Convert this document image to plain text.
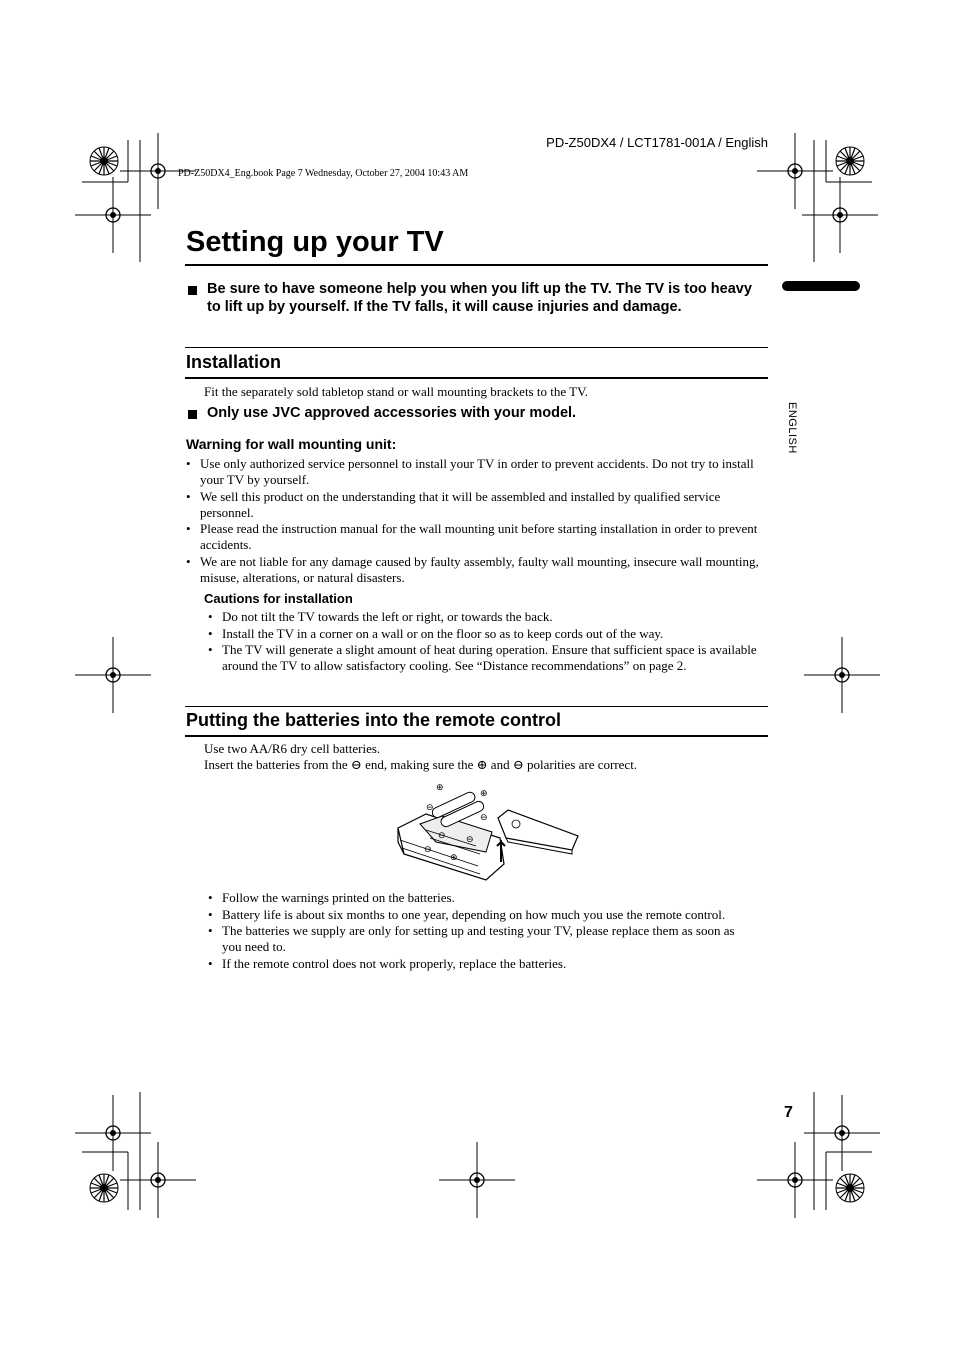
PD-Z50DX4 / LCT1781-001A / English
PD-Z50DX4_Eng.book Page 7 Wednesday, October 27, 2004 10:43 AM
Setting up your TV
ENGLISH
Be sure to have someone help you when you lift up the TV. The TV is too heavy to lift up by yourself. If the TV falls, it will cause injuries and damage.
Installation
Fit the separately sold tabletop stand or wall mounting brackets to the TV.
Only use JVC approved accessories with your model.
Warning for wall mounting unit:
• Use only authorized service personnel to install your TV in order to prevent accidents. Do not try to install your TV by yourself.
• We sell this product on the understanding that it will be assembled and installed by qualified service personnel.
• Please read the instruction manual for the wall mounting unit before starting installation in order to prevent accidents.
• We are not liable for any damage caused by faulty assembly, faulty wall mounting, insecure wall mounting, misuse, alterations, or natural disasters.
Cautions for installation
• Do not tilt the TV towards the left or right, or towards the back.
• Install the TV in a corner on a wall or on the floor so as to keep cords out of the way.
• The TV will generate a slight amount of heat during operation. Ensure that sufficient space is available around the TV to allow satisfactory cooling. See “Distance recommendations” on page 2.
Putting the batteries into the remote control
Use two AA/R6 dry cell batteries.
Insert the batteries from the ⊖ end, making sure the ⊕ and ⊖ polarities are correct.
⊕
⊕
⊖
⊖
⊖ ⊖
⊖
⊕
• Follow the warnings printed on the batteries.
• Battery life is about six months to one year, depending on how much you use the remote control.
• The batteries we supply are only for setting up and testing your TV, please replace them as soon as you need to.
• If the remote control does not work properly, replace the batteries.
7
